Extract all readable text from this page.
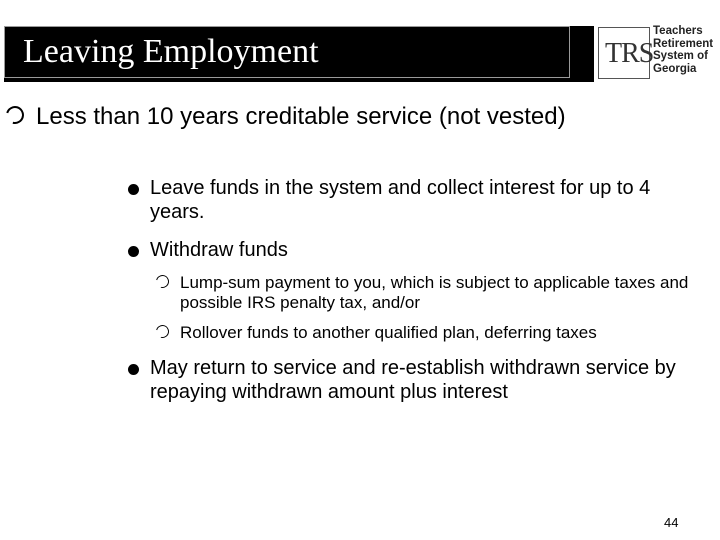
Leaving Employment	TRS
Teachers
Retirement
System of
Georgia
Less than 10 years creditable service (not vested)
Leave funds in the system and collect interest for up to 4 years.
Withdraw funds
Lump-sum payment to you, which is subject to applicable taxes and possible IRS penalty tax, and/or
Rollover funds to another qualified plan, deferring taxes
May return to service and re-establish withdrawn service by repaying withdrawn amount plus interest
44
